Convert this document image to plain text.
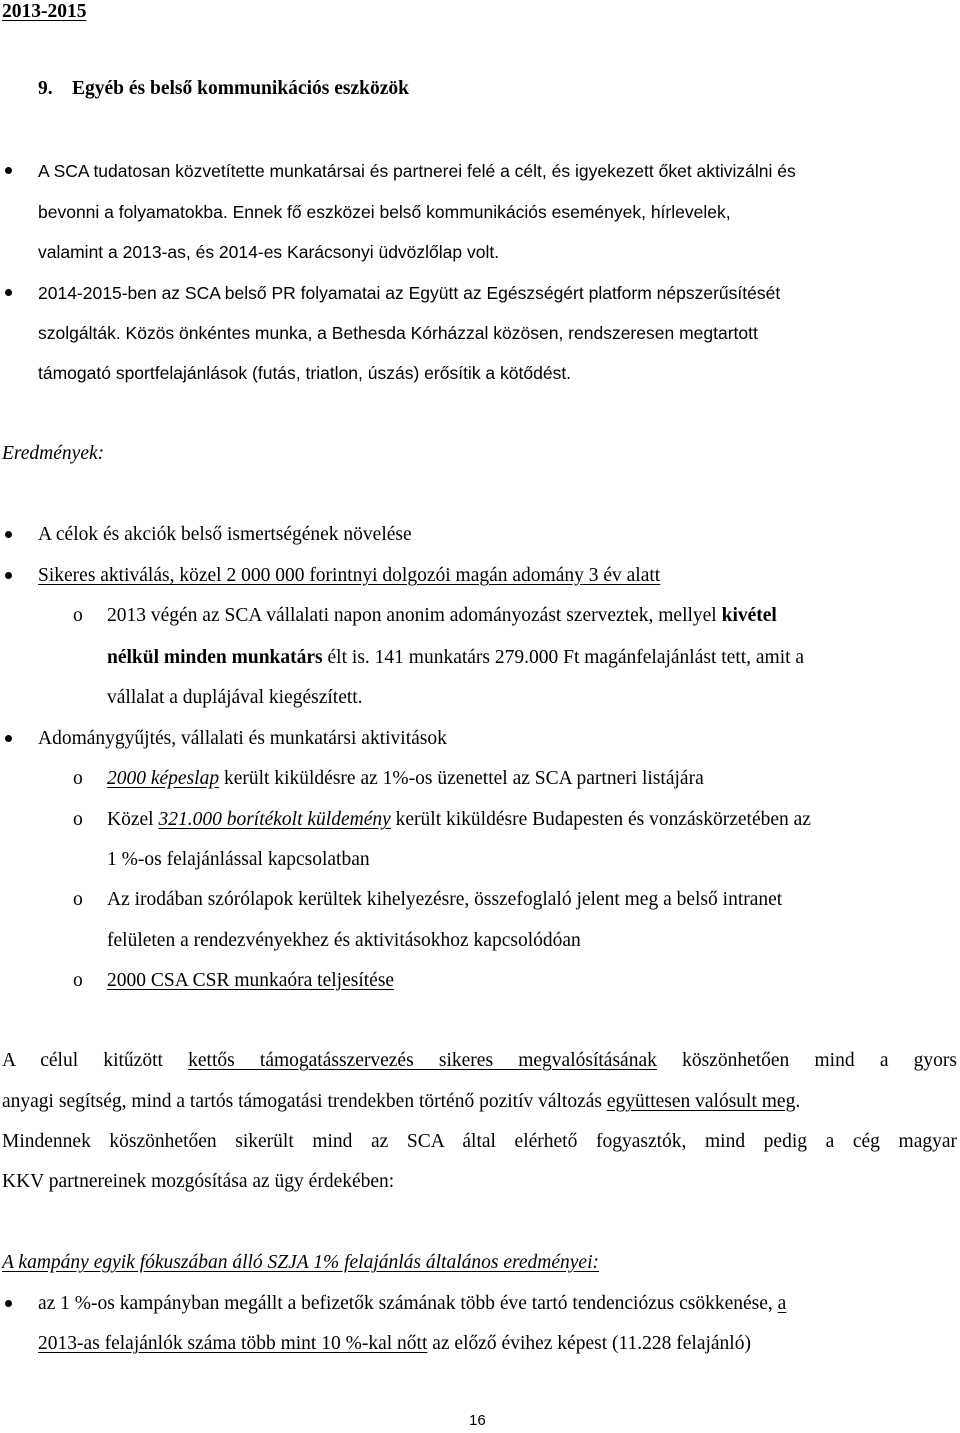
2013-2015
9. Egyéb és belső kommunikációs eszközök
A SCA tudatosan közvetítette munkatársai és partnerei felé a célt, és igyekezett őket aktivizálni és
bevonni a folyamatokba. Ennek fő eszközei belső kommunikációs események, hírlevelek,
valamint a 2013-as, és 2014-es Karácsonyi üdvözlőlap volt.
2014-2015-ben az SCA belső PR folyamatai az Együtt az Egészségért platform népszerűsítését
szolgálták. Közös önkéntes munka, a Bethesda Kórházzal közösen, rendszeresen megtartott
támogató sportfelajánlások (futás, triatlon, úszás) erősítik a kötődést.
Eredmények:
A célok és akciók belső ismertségének növelése
Sikeres aktiválás, közel 2 000 000 forintnyi dolgozói magán adomány 3 év alatt
o 2013 végén az SCA vállalati napon anonim adományozást szerveztek, mellyel kivétel
nélkül minden munkatárs élt is. 141 munkatárs 279.000 Ft magánfelajánlást tett, amit a
vállalat a duplájával kiegészített.
Adománygyűjtés, vállalati és munkatársi aktivitások
o 2000 képeslap került kiküldésre az 1%-os üzenettel az SCA partneri listájára
o Közel 321.000 borítékolt küldemény került kiküldésre Budapesten és vonzáskörzetében az
1 %-os felajánlással kapcsolatban
o Az irodában szórólapok kerültek kihelyezésre, összefoglaló jelent meg a belső intranet
felületen a rendezvényekhez és aktivitásokhoz kapcsolódóan
o 2000 CSA CSR munkaóra teljesítése
A célul kitűzött kettős támogatásszervezés sikeres megvalósításának köszönhetően mind a gyors
anyagi segítség, mind a tartós támogatási trendekben történő pozitív változás együttesen valósult meg.
Mindennek köszönhetően sikerült mind az SCA által elérhető fogyasztók, mind pedig a cég magyar
KKV partnereinek mozgósítása az ügy érdekében:
A kampány egyik fókuszában álló SZJA 1% felajánlás általános eredményei:
az 1 %-os kampányban megállt a befizetők számának több éve tartó tendenciózus csökkenése, a
2013-as felajánlók száma több mint 10 %-kal nőtt az előző évihez képest (11.228 felajánló)
16
